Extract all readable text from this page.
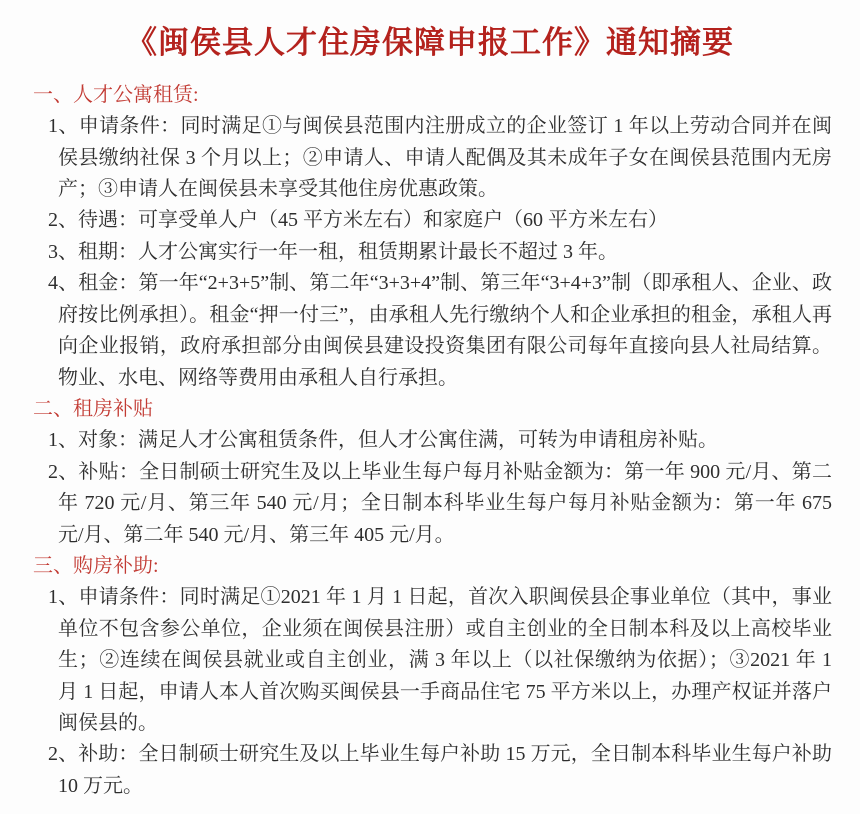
《闽侯县人才住房保障申报工作》通知摘要
一、人才公寓租赁:

1、申请条件：同时满足①与闽侯县范围内注册成立的企业签订 1 年以上劳动合同并在闽侯县缴纳社保 3 个月以上；②申请人、申请人配偶及其未成年子女在闽侯县范围内无房产；③申请人在闽侯县未享受其他住房优惠政策。

2、待遇：可享受单人户（45 平方米左右）和家庭户（60 平方米左右）

3、租期：人才公寓实行一年一租，租赁期累计最长不超过 3 年。

4、租金：第一年“2+3+5”制、第二年“3+3+4”制、第三年“3+4+3”制（即承租人、企业、政府按比例承担）。租金“押一付三”，由承租人先行缴纳个人和企业承担的租金，承租人再向企业报销，政府承担部分由闽侯县建设投资集团有限公司每年直接向县人社局结算。物业、水电、网络等费用由承租人自行承担。

二、租房补贴

1、对象：满足人才公寓租赁条件，但人才公寓住满，可转为申请租房补贴。

2、补贴：全日制硕士研究生及以上毕业生每户每月补贴金额为：第一年 900 元/月、第二年 720 元/月、第三年 540 元/月；全日制本科毕业生每户每月补贴金额为：第一年 675 元/月、第二年 540 元/月、第三年 405 元/月。

三、购房补助:

1、申请条件：同时满足①2021 年 1 月 1 日起，首次入职闽侯县企事业单位（其中，事业单位不包含参公单位，企业须在闽侯县注册）或自主创业的全日制本科及以上高校毕业生；②连续在闽侯县就业或自主创业，满 3 年以上（以社保缴纳为依据）；③2021 年 1 月 1 日起，申请人本人首次购买闽侯县一手商品住宅 75 平方米以上，办理产权证并落户闽侯县的。

2、补助：全日制硕士研究生及以上毕业生每户补助 15 万元，全日制本科毕业生每户补助 10 万元。
